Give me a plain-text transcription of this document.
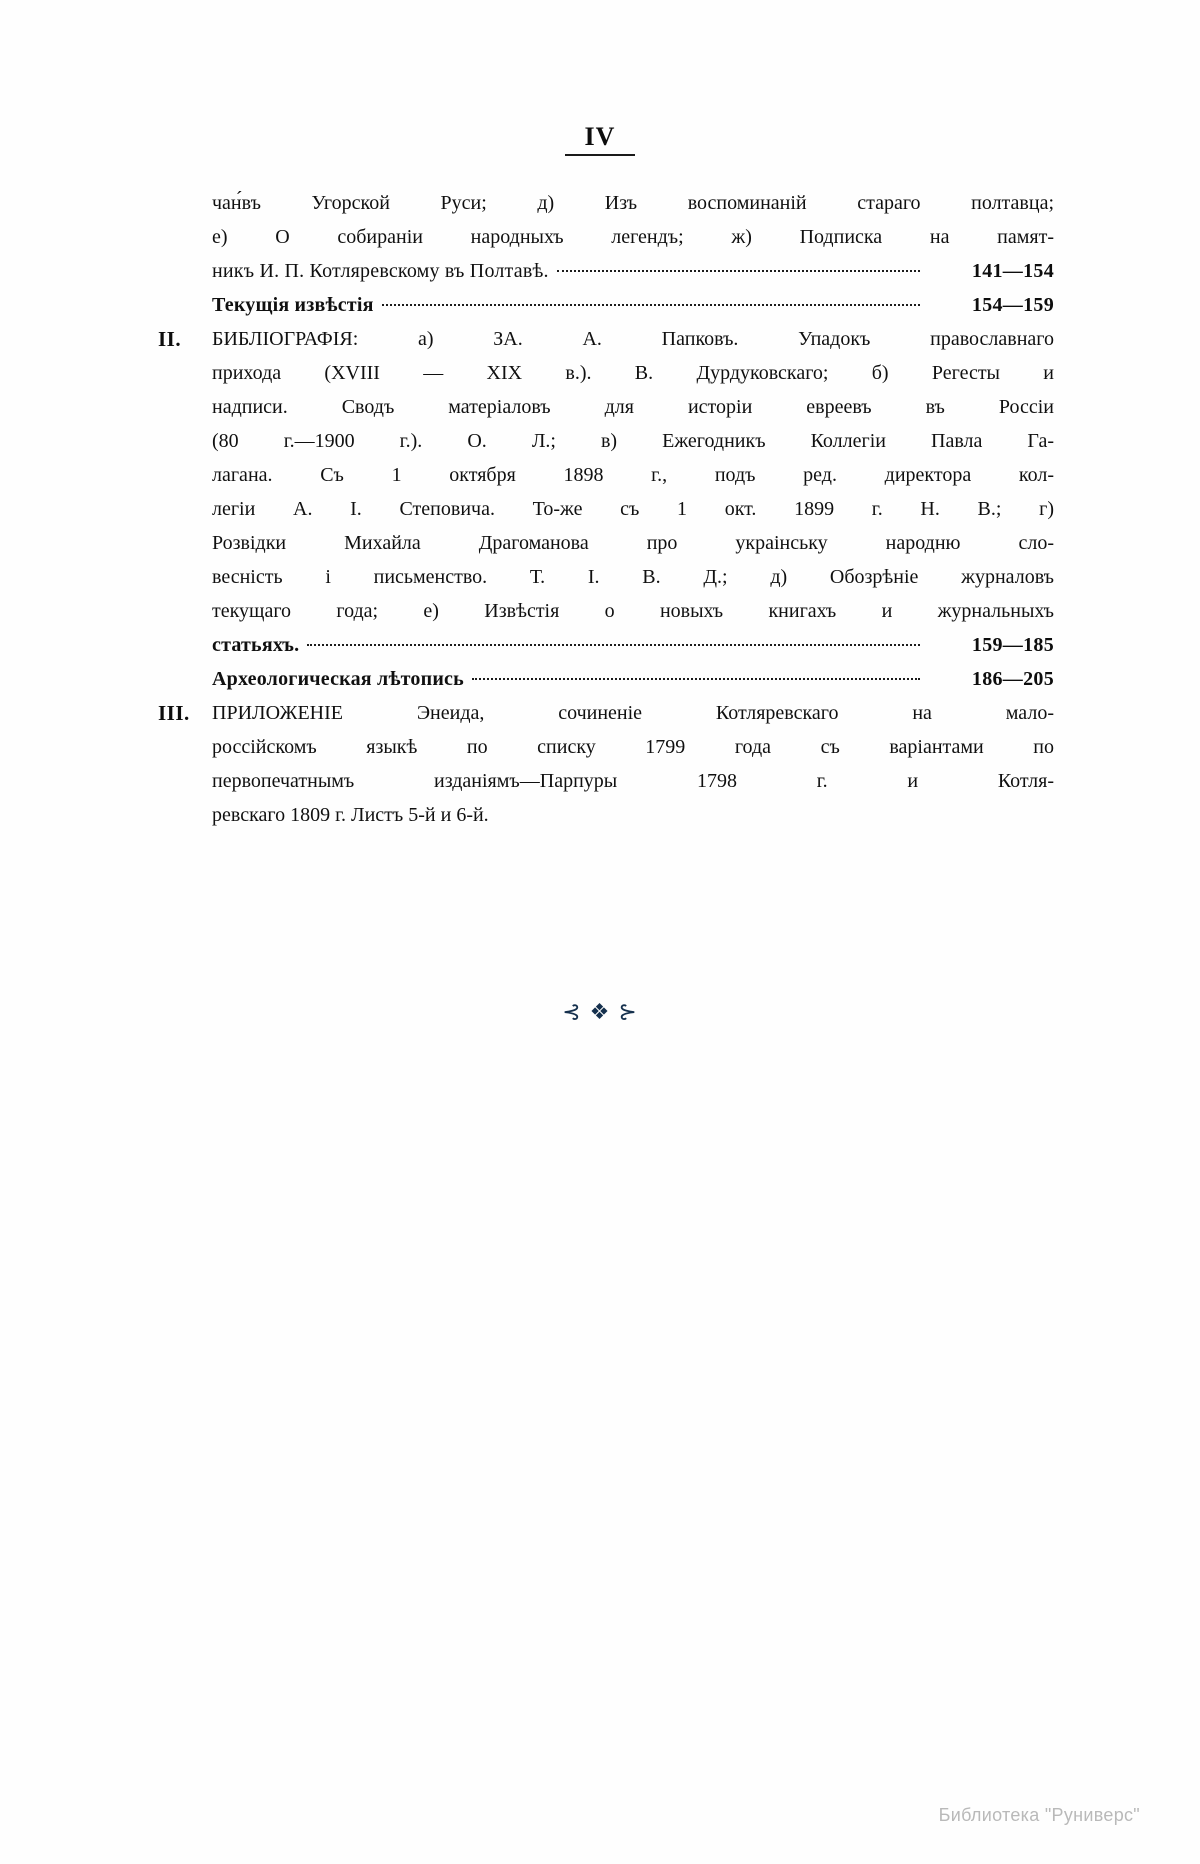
IV
чан́въ Угорской Руси; д) Изъ воспоминаній стараго полтавца;
е) О собираніи народныхъ легендъ; ж) Подписка на памят-
никъ И. П. Котляревскому въ Полтавѣ.	141—154
Текущія извѣстія	154—159
II.	БИБЛІОГРАФІЯ: а) ЗА. А. Папковъ. Упадокъ православнаго
прихода (XVIII — XIX в.). В. Дурдуковскаго; б) Регесты и
надписи. Сводъ матеріаловъ для исторіи евреевъ въ Россіи
(80 г.—1900 г.). О. Л.; в) Ежегодникъ Коллегіи Павла Га-
лагана. Съ 1 октября 1898 г., подъ ред. директора кол-
легіи А. І. Степовича. То-же съ 1 окт. 1899 г. Н. В.; г)
Розвідки Михайла Драгоманова про украінську народню сло-
весність і письменство. Т. І. В. Д.; д) Обозрѣніе журналовъ
текущаго года; е) Извѣстія о новыхъ книгахъ и журнальныхъ
статьяхъ.	159—185
Археологическая лѣтопись	186—205
III.	ПРИЛОЖЕНІЕ Энеида, сочиненіе Котляревскаго на мало-
россійскомъ языкѣ по списку 1799 года съ варіантами по
первопечатнымъ изданіямъ—Парпуры 1798 г. и Котля-
ревскаго 1809 г. Листъ 5-й и 6-й.
⊰ ❖ ⊱
Библиотека "Руниверс"
